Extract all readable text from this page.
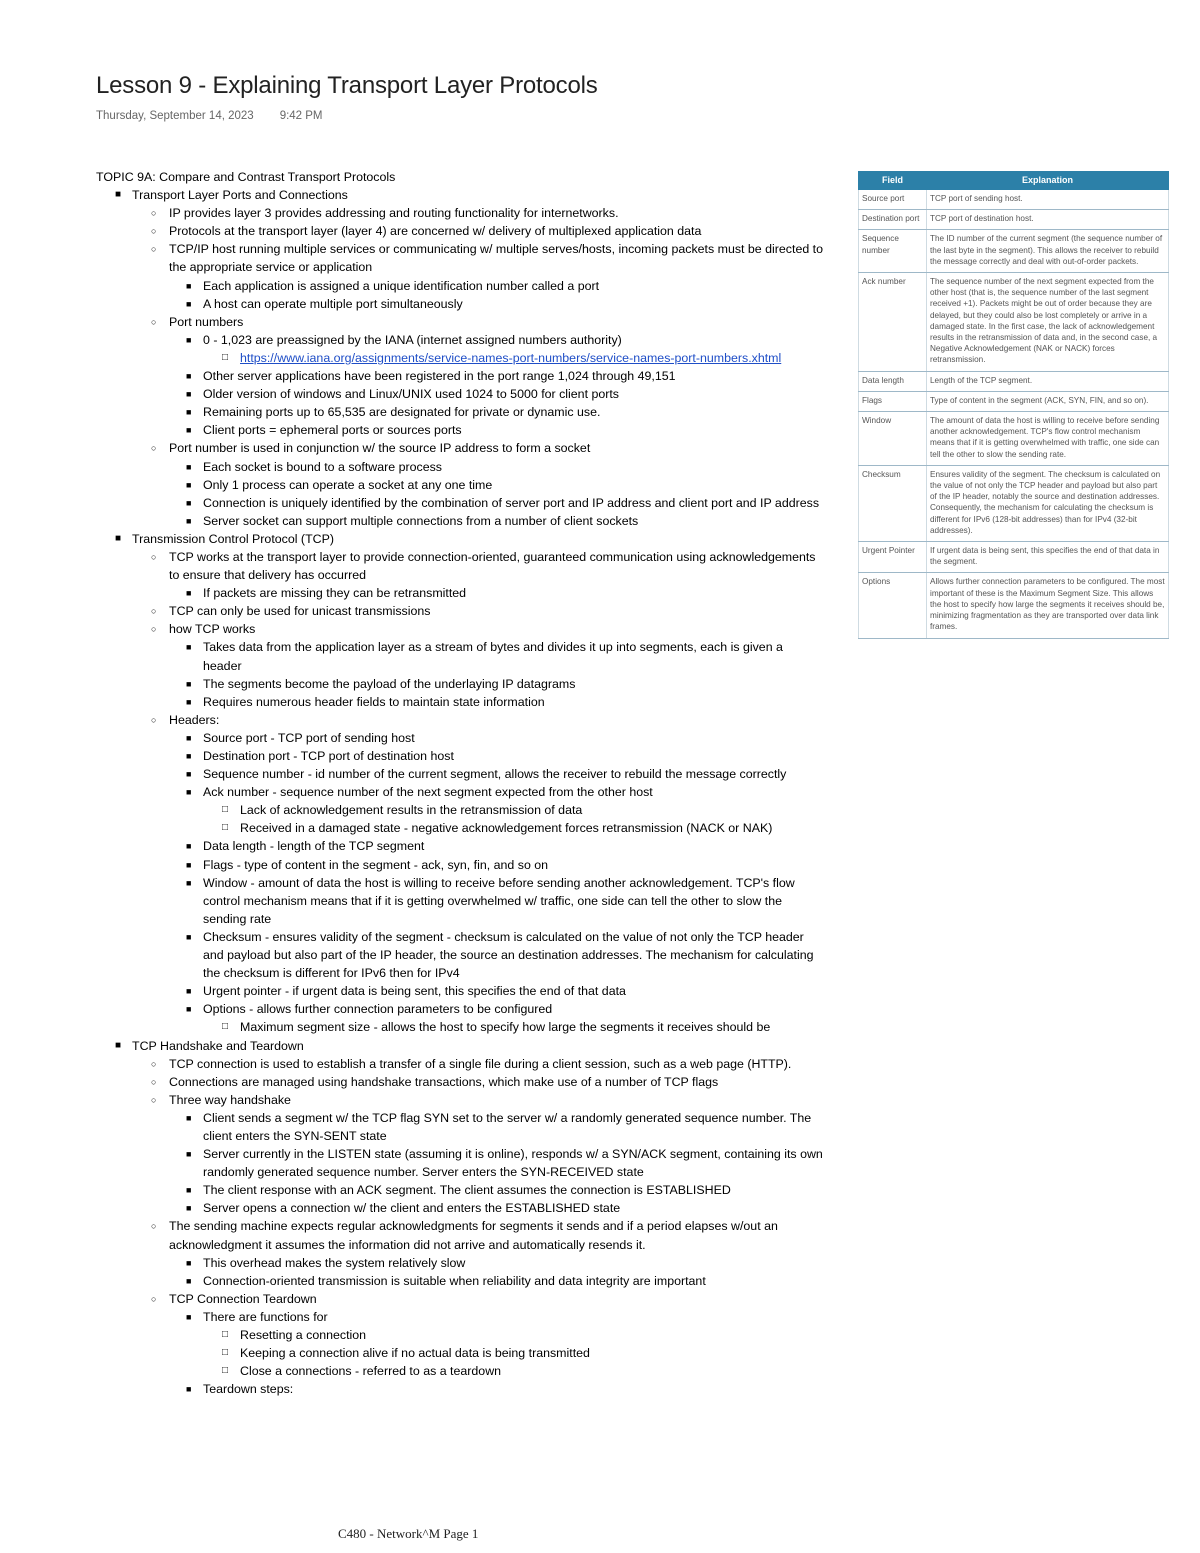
Lesson 9 - Explaining Transport Layer Protocols
Thursday, September 14, 2023 9:42 PM
TOPIC 9A: Compare and Contrast Transport Protocols
■ Transport Layer Ports and Connections
○ IP provides layer 3 provides addressing and routing functionality for internetworks.
○ Protocols at the transport layer (layer 4) are concerned w/ delivery of multiplexed application data
○ TCP/IP host running multiple services or communicating w/ multiple serves/hosts, incoming packets must be directed to the appropriate service or application
■ Each application is assigned a unique identification number called a port
■ A host can operate multiple port simultaneously
○ Port numbers
■ 0 - 1,023 are preassigned by the IANA (internet assigned numbers authority)
□ https://www.iana.org/assignments/service-names-port-numbers/service-names-port-numbers.xhtml
■ Other server applications have been registered in the port range 1,024 through 49,151
■ Older version of windows and Linux/UNIX used 1024 to 5000 for client ports
■ Remaining ports up to 65,535 are designated for private or dynamic use.
■ Client ports = ephemeral ports or sources ports
○ Port number is used in conjunction w/ the source IP address to form a socket
■ Each socket is bound to a software process
■ Only 1 process can operate a socket at any one time
■ Connection is uniquely identified by the combination of server port and IP address and client port and IP address
■ Server socket can support multiple connections from a number of client sockets
■ Transmission Control Protocol (TCP)
○ TCP works at the transport layer to provide connection-oriented, guaranteed communication using acknowledgements to ensure that delivery has occurred
■ If packets are missing they can be retransmitted
○ TCP can only be used for unicast transmissions
○ how TCP works
■ Takes data from the application layer as a stream of bytes and divides it up into segments, each is given a header
■ The segments become the payload of the underlaying IP datagrams
■ Requires numerous header fields to maintain state information
○ Headers:
■ Source port - TCP port of sending host
■ Destination port - TCP port of destination host
■ Sequence number - id number of the current segment, allows the receiver to rebuild the message correctly
■ Ack number - sequence number of the next segment expected from the other host
□ Lack of acknowledgement results in the retransmission of data
□ Received in a damaged state - negative acknowledgement forces retransmission (NACK or NAK)
■ Data length - length of the TCP segment
■ Flags - type of content in the segment - ack, syn, fin, and so on
■ Window - amount of data the host is willing to receive before sending another acknowledgement. TCP's flow control mechanism means that if it is getting overwhelmed w/ traffic, one side can tell the other to slow the sending rate
■ Checksum - ensures validity of the segment - checksum is calculated on the value of not only the TCP header and payload but also part of the IP header, the source an destination addresses. The mechanism for calculating the checksum is different for IPv6 then for IPv4
■ Urgent pointer - if urgent data is being sent, this specifies the end of that data
■ Options - allows further connection parameters to be configured
□ Maximum segment size - allows the host to specify how large the segments it receives should be
■ TCP Handshake and Teardown
○ TCP connection is used to establish a transfer of a single file during a client session, such as a web page (HTTP).
○ Connections are managed using handshake transactions, which make use of a number of TCP flags
○ Three way handshake
■ Client sends a segment w/ the TCP flag SYN set to the server w/ a randomly generated sequence number. The client enters the SYN-SENT state
■ Server currently in the LISTEN state (assuming it is online), responds w/ a SYN/ACK segment, containing its own randomly generated sequence number. Server enters the SYN-RECEIVED state
■ The client response with an ACK segment. The client assumes the connection is ESTABLISHED
■ Server opens a connection w/ the client and enters the ESTABLISHED state
○ The sending machine expects regular acknowledgments for segments it sends and if a period elapses w/out an acknowledgment it assumes the information did not arrive and automatically resends it.
■ This overhead makes the system relatively slow
■ Connection-oriented transmission is suitable when reliability and data integrity are important
○ TCP Connection Teardown
■ There are functions for
□ Resetting a connection
□ Keeping a connection alive if no actual data is being transmitted
□ Close a connections - referred to as a teardown
■ Teardown steps:
Field	Explanation
Source port	TCP port of sending host.
Destination port	TCP port of destination host.
Sequence number	The ID number of the current segment (the sequence number of the last byte in the segment). This allows the receiver to rebuild the message correctly and deal with out-of-order packets.
Ack number	The sequence number of the next segment expected from the other host (that is, the sequence number of the last segment received +1). Packets might be out of order because they are delayed, but they could also be lost completely or arrive in a damaged state. In the first case, the lack of acknowledgement results in the retransmission of data and, in the second case, a Negative Acknowledgement (NAK or NACK) forces retransmission.
Data length	Length of the TCP segment.
Flags	Type of content in the segment (ACK, SYN, FIN, and so on).
Window	The amount of data the host is willing to receive before sending another acknowledgement. TCP's flow control mechanism means that if it is getting overwhelmed with traffic, one side can tell the other to slow the sending rate.
Checksum	Ensures validity of the segment. The checksum is calculated on the value of not only the TCP header and payload but also part of the IP header, notably the source and destination addresses. Consequently, the mechanism for calculating the checksum is different for IPv6 (128-bit addresses) than for IPv4 (32-bit addresses).
Urgent Pointer	If urgent data is being sent, this specifies the end of that data in the segment.
Options	Allows further connection parameters to be configured. The most important of these is the Maximum Segment Size. This allows the host to specify how large the segments it receives should be, minimizing fragmentation as they are transported over data link frames.
C480 - Network^M Page 1
